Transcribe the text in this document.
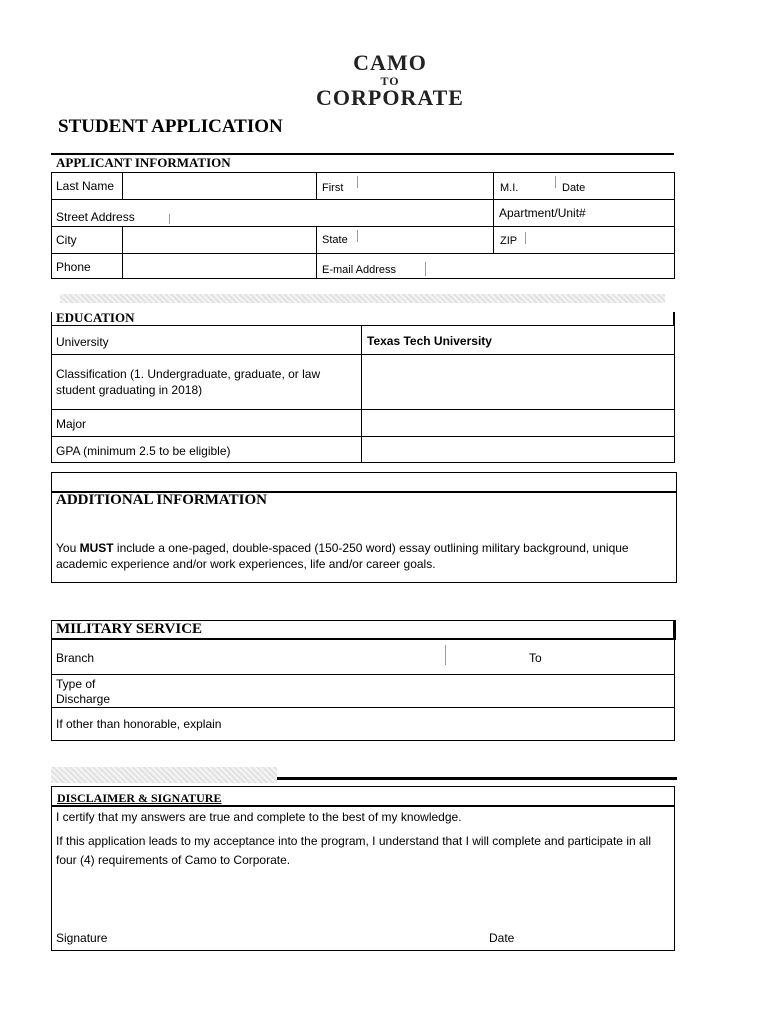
CAMO
TO
CORPORATE
STUDENT APPLICATION
APPLICANT INFORMATION
Last Name	First	M.I.	Date
Street Address	Apartment/Unit#
City	State	ZIP
Phone	E-mail Address
EDUCATION
University	Texas Tech University
Classification (1. Undergraduate, graduate, or law student graduating in 2018)
Major
GPA (minimum 2.5 to be eligible)
ADDITIONAL INFORMATION
You MUST include a one-paged, double-spaced (150-250 word) essay outlining military background, unique academic experience and/or work experiences, life and/or career goals.
MILITARY SERVICE
Branch	To
Type of
Discharge
If other than honorable, explain
DISCLAIMER & SIGNATURE
I certify that my answers are true and complete to the best of my knowledge.
If this application leads to my acceptance into the program, I understand that I will complete and participate in all four (4) requirements of Camo to Corporate.
Signature	Date
